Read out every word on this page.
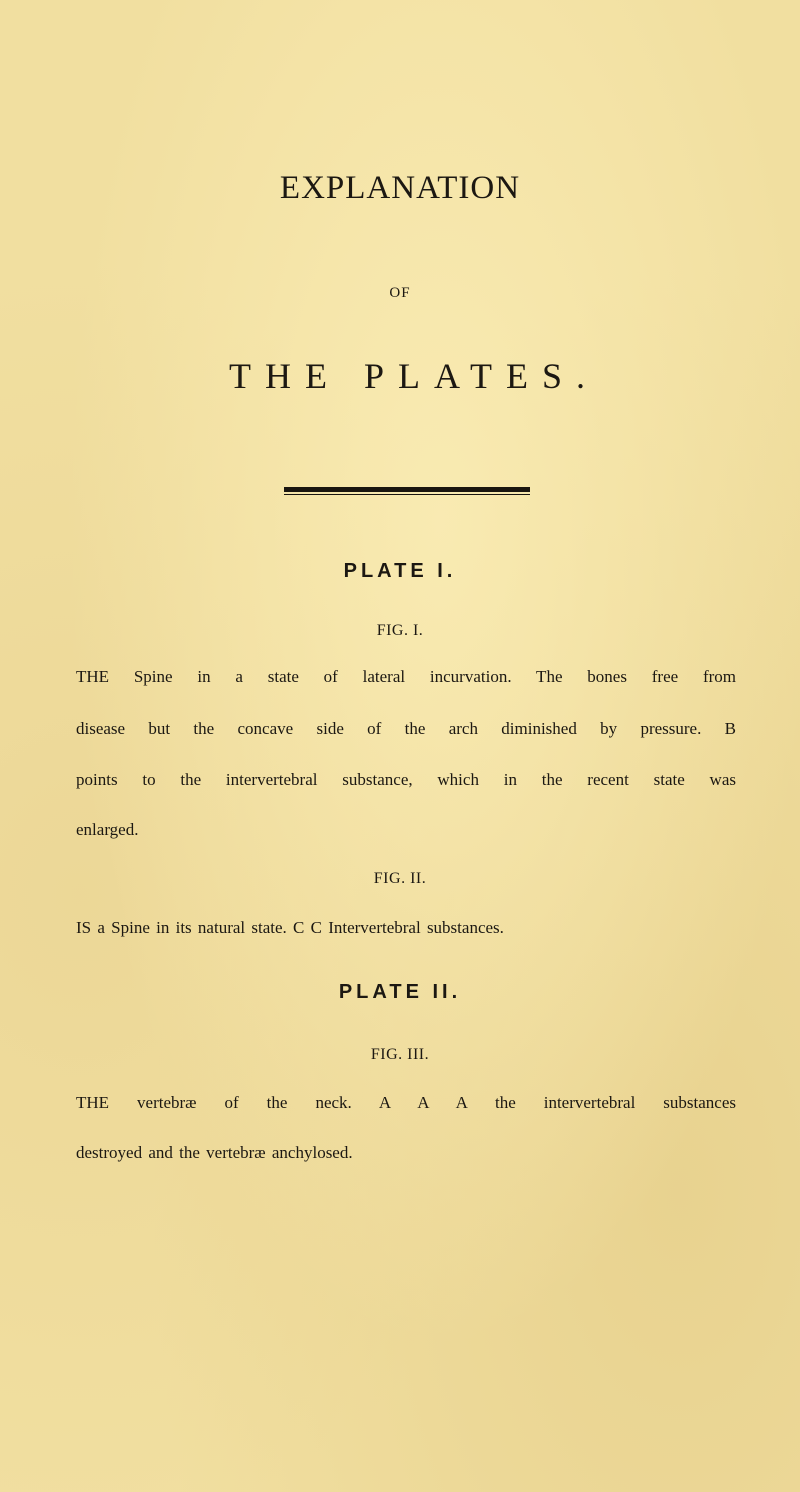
EXPLANATION
OF
THE PLATES.
PLATE I.
FIG. I.
THE Spine in a state of lateral incurvation. The bones free from
disease but the concave side of the arch diminished by pressure. B
points to the intervertebral substance, which in the recent state was
enlarged.
FIG. II.
IS a Spine in its natural state. C C Intervertebral substances.
PLATE II.
FIG. III.
THE vertebræ of the neck. A A A the intervertebral substances
destroyed and the vertebræ anchylosed.
